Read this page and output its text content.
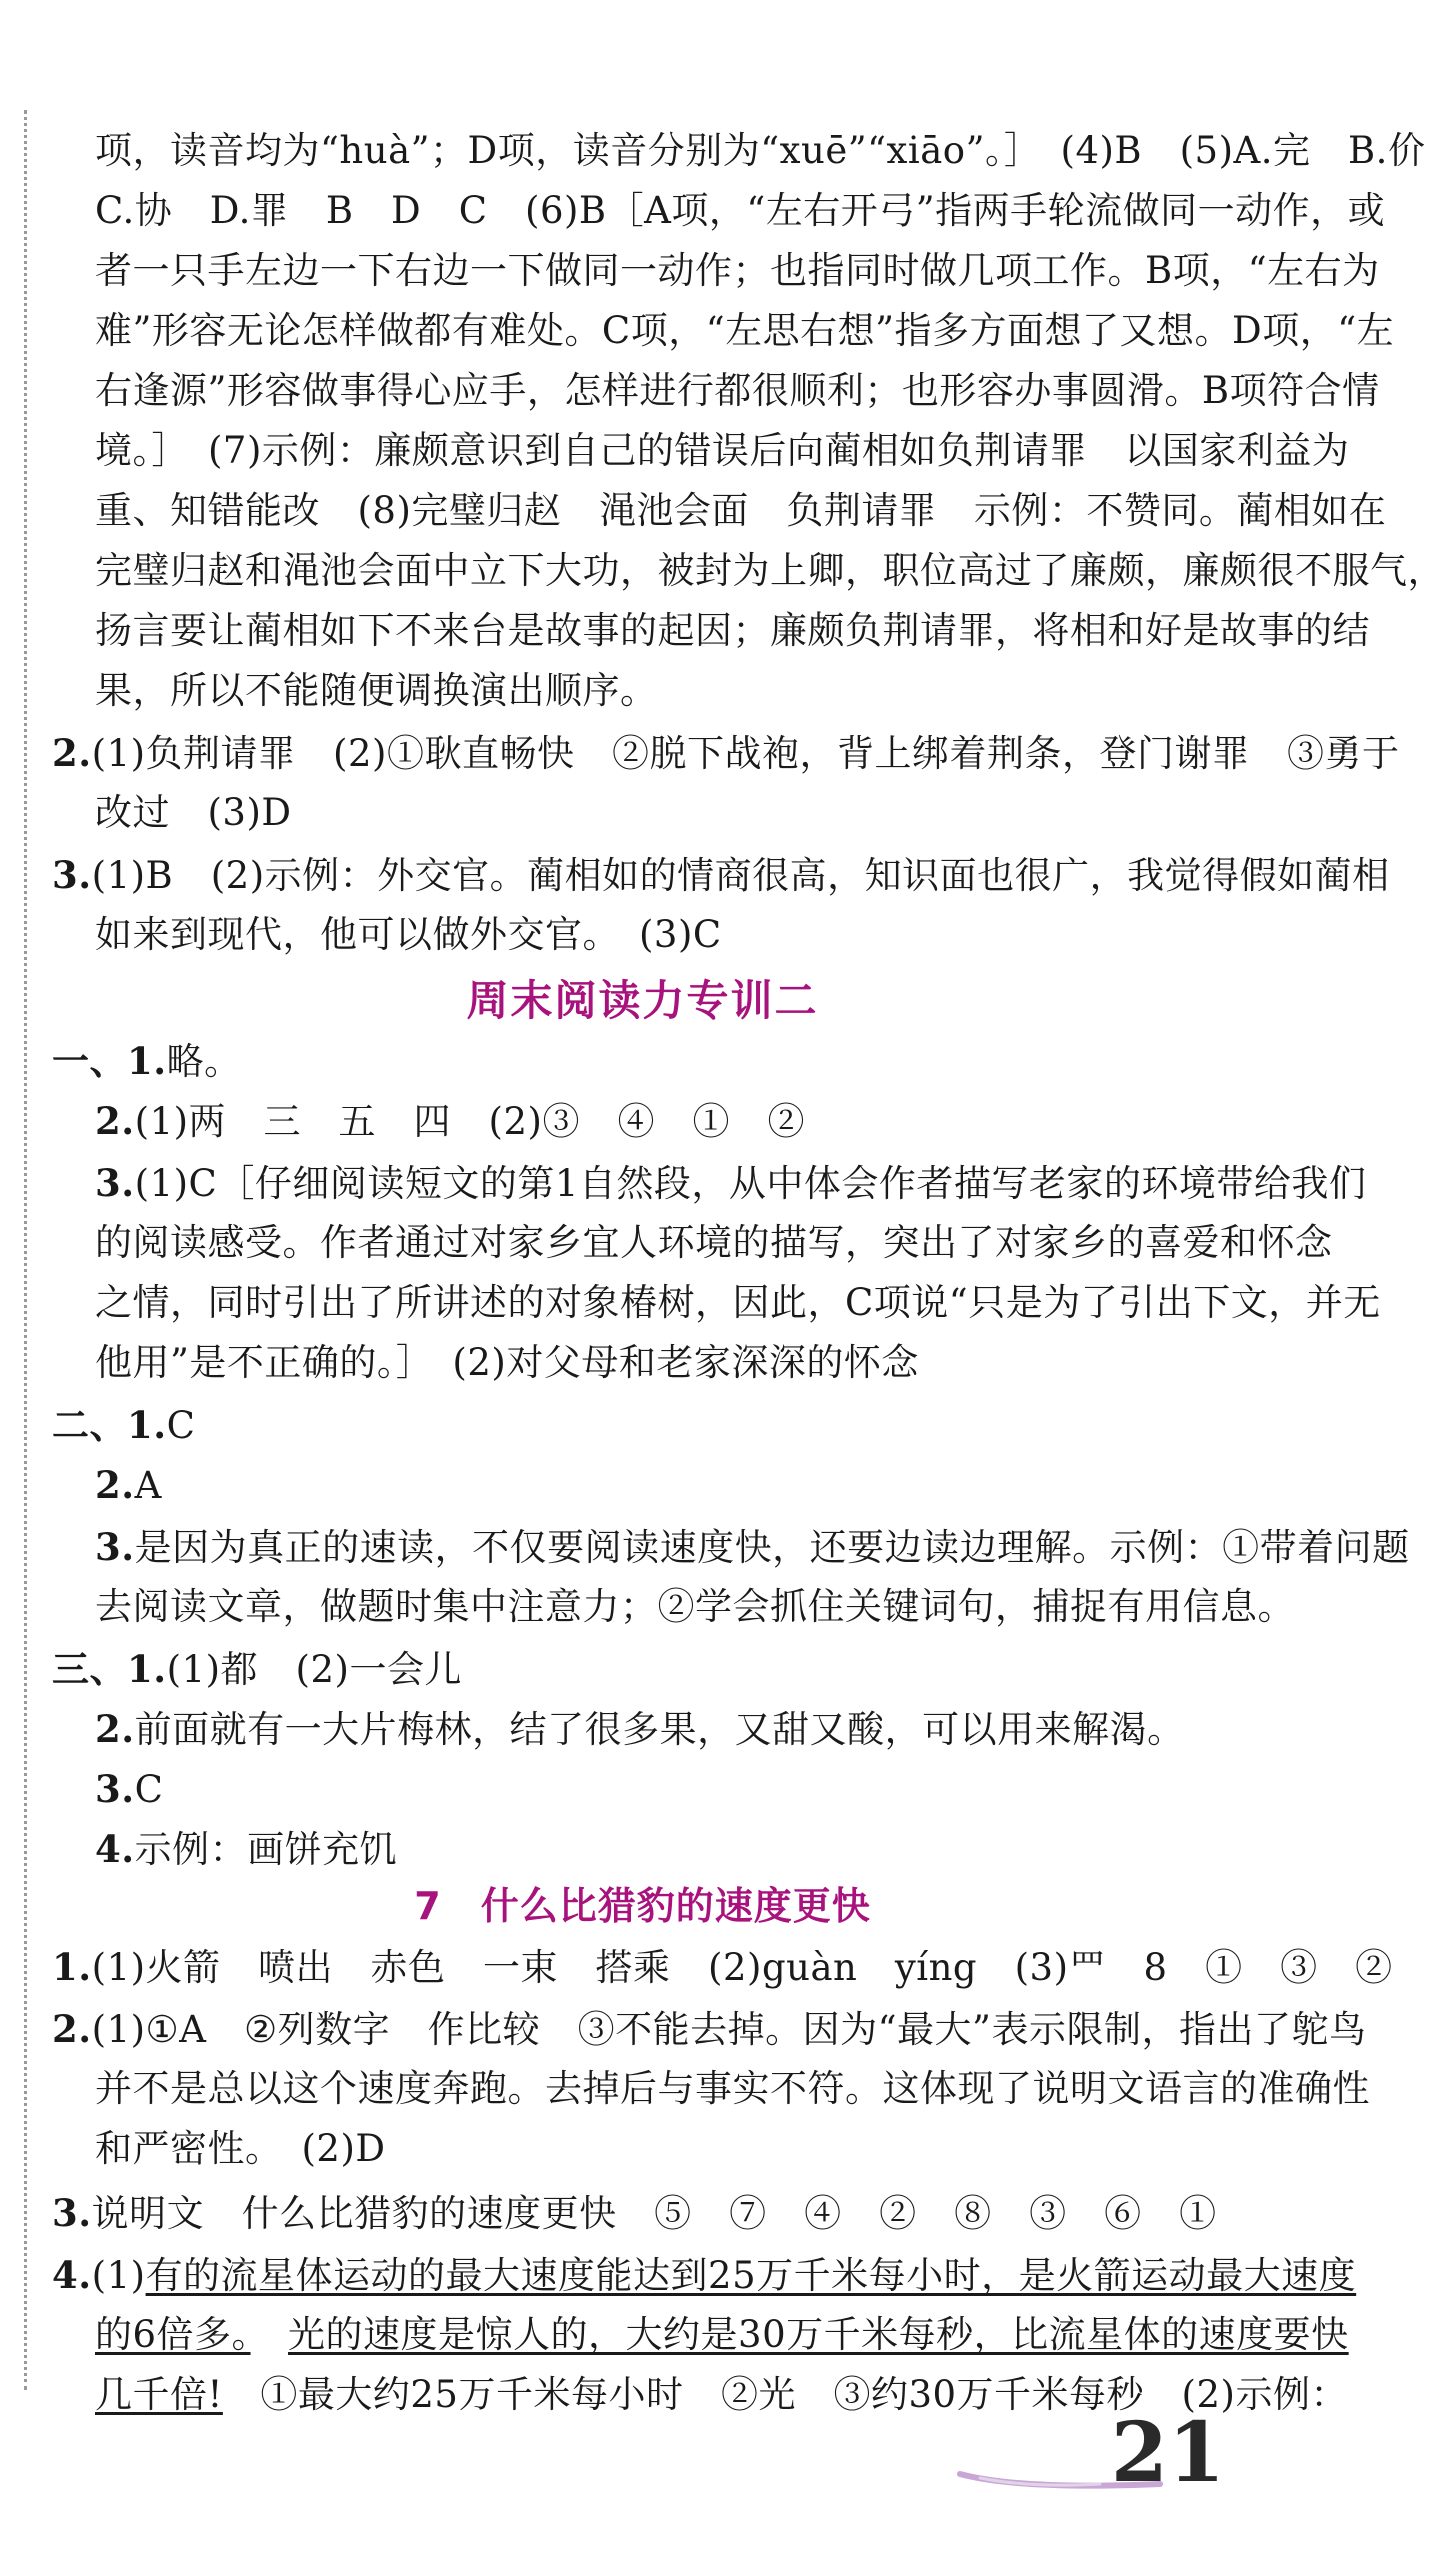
项，读音均为“huà”；D项，读音分别为“xuē”“xiāo”。］　(4)B　(5)A.完　B.价
C.协　D.罪　B　D　C　(6)B［A项，“左右开弓”指两手轮流做同一动作，或
者一只手左边一下右边一下做同一动作；也指同时做几项工作。B项，“左右为
难”形容无论怎样做都有难处。C项，“左思右想”指多方面想了又想。D项，“左
右逢源”形容做事得心应手，怎样进行都很顺利；也形容办事圆滑。B项符合情
境。］　(7)示例：廉颇意识到自己的错误后向蔺相如负荆请罪　以国家利益为
重、知错能改　(8)完璧归赵　渑池会面　负荆请罪　示例：不赞同。蔺相如在
完璧归赵和渑池会面中立下大功，被封为上卿，职位高过了廉颇，廉颇很不服气，
扬言要让蔺相如下不来台是故事的起因；廉颇负荆请罪，将相和好是故事的结
果，所以不能随便调换演出顺序。
2.(1)负荆请罪　(2)①耿直畅快　②脱下战袍，背上绑着荆条，登门谢罪　③勇于
改过　(3)D
3.(1)B　(2)示例：外交官。蔺相如的情商很高，知识面也很广，我觉得假如蔺相
如来到现代，他可以做外交官。　(3)C
周末阅读力专训二
一、1.略。
2.(1)两　三　五　四　(2)③　④　①　②
3.(1)C［仔细阅读短文的第1自然段，从中体会作者描写老家的环境带给我们
的阅读感受。作者通过对家乡宜人环境的描写，突出了对家乡的喜爱和怀念
之情，同时引出了所讲述的对象椿树，因此，C项说“只是为了引出下文，并无
他用”是不正确的。］　(2)对父母和老家深深的怀念
二、1.C
2.A
3.是因为真正的速读，不仅要阅读速度快，还要边读边理解。示例：①带着问题
去阅读文章，做题时集中注意力；②学会抓住关键词句，捕捉有用信息。
三、1.(1)都　(2)一会儿
2.前面就有一大片梅林，结了很多果，又甜又酸，可以用来解渴。
3.C
4.示例：画饼充饥
7　什么比猎豹的速度更快
1.(1)火箭　喷出　赤色　一束　搭乘　(2)guàn　yíng　(3)罒　8　①　③　②
2.(1)①A　②列数字　作比较　③不能去掉。因为“最大”表示限制，指出了鸵鸟
并不是总以这个速度奔跑。去掉后与事实不符。这体现了说明文语言的准确性
和严密性。　(2)D
3.说明文　什么比猎豹的速度更快　⑤　⑦　④　②　⑧　③　⑥　①
4.(1)有的流星体运动的最大速度能达到25万千米每小时，是火箭运动最大速度
的6倍多。　 光的速度是惊人的，大约是30万千米每秒，比流星体的速度要快
几千倍!　①最大约25万千米每小时　②光　③约30万千米每秒　(2)示例：
21
